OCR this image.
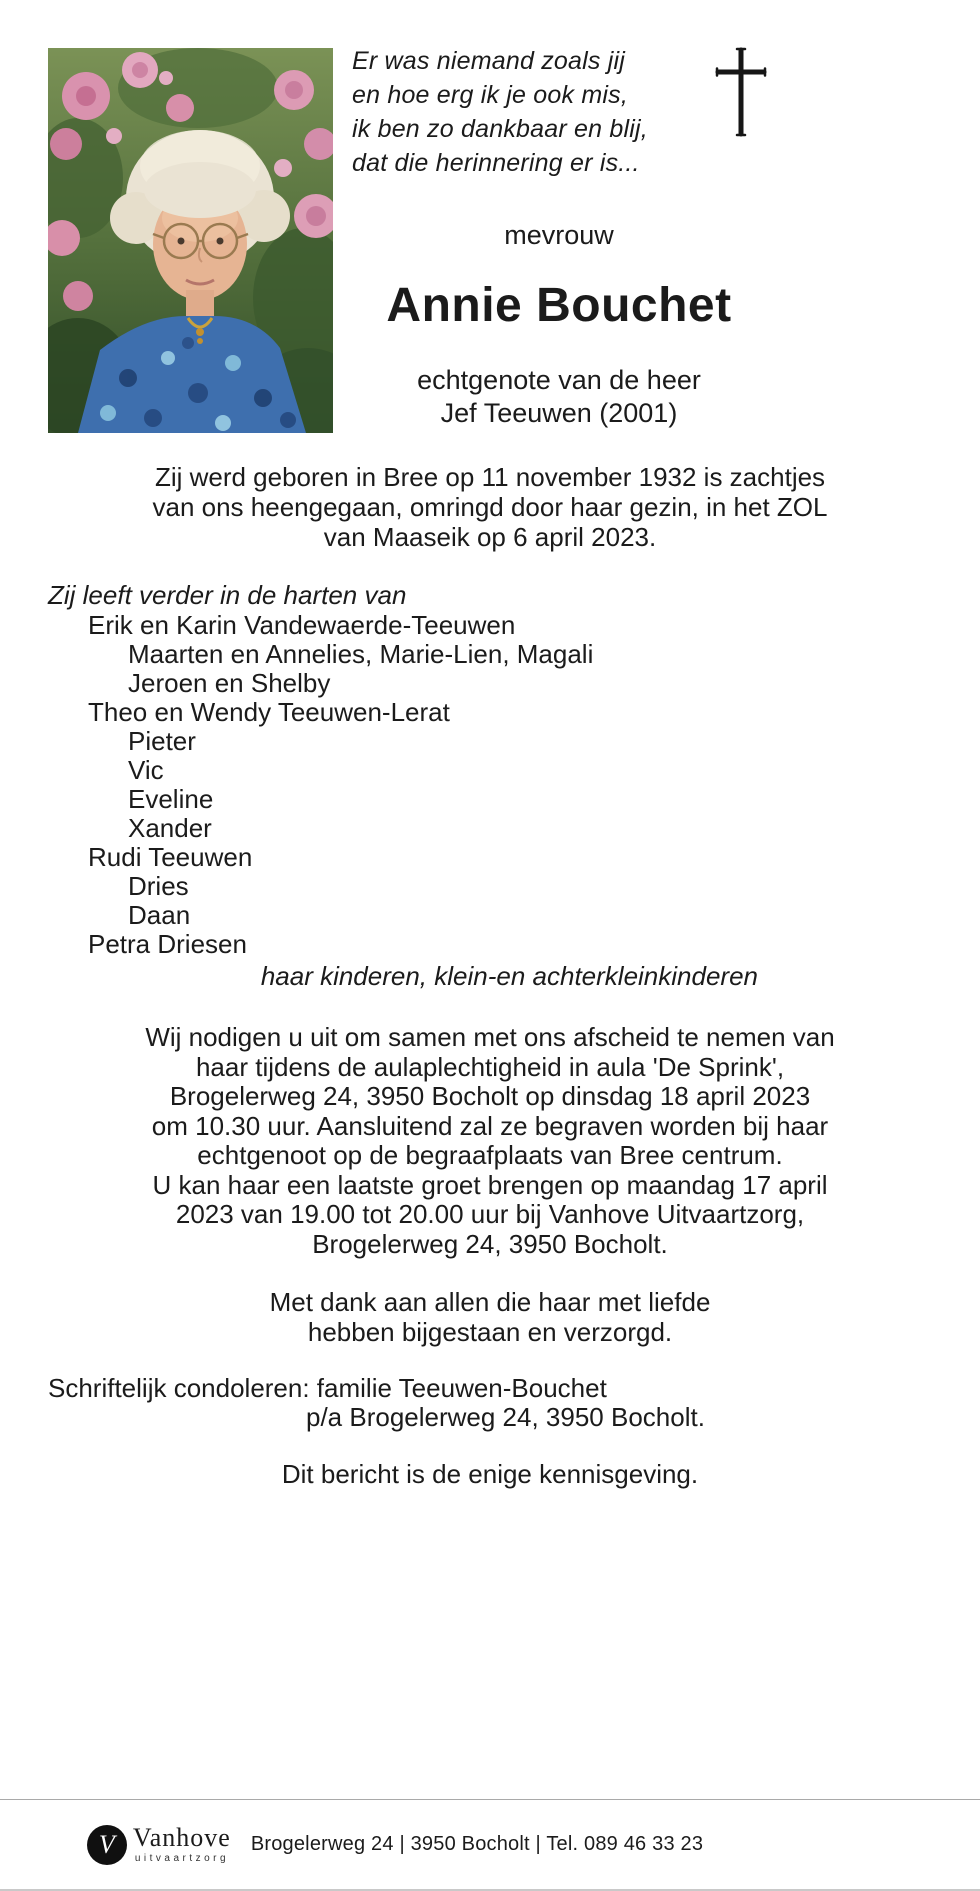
Er was niemand zoals jij
en hoe erg ik je ook mis,
ik ben zo dankbaar en blij,
dat die herinnering er is...
mevrouw
Annie Bouchet
echtgenote van de heer
Jef Teeuwen (2001)
Zij werd geboren in Bree op 11 november 1932 is zachtjes
van ons heengegaan, omringd door haar gezin, in het ZOL
van Maaseik op 6 april 2023.
Zij leeft verder in de harten van
Erik en Karin Vandewaerde-Teeuwen
Maarten en Annelies, Marie-Lien, Magali
Jeroen en Shelby
Theo en Wendy Teeuwen-Lerat
Pieter
Vic
Eveline
Xander
Rudi Teeuwen
Dries
Daan
Petra Driesen
haar kinderen, klein-en achterkleinkinderen
Wij nodigen u uit om samen met ons afscheid te nemen van
haar tijdens de aulaplechtigheid in aula 'De Sprink',
Brogelerweg 24, 3950 Bocholt op dinsdag 18 april 2023
om 10.30 uur. Aansluitend zal ze begraven worden bij haar
echtgenoot op de begraafplaats van Bree centrum.
U kan haar een laatste groet brengen op maandag 17 april
2023 van 19.00 tot 20.00 uur bij Vanhove Uitvaartzorg,
Brogelerweg 24, 3950 Bocholt.
Met dank aan allen die haar met liefde
hebben bijgestaan en verzorgd.
Schriftelijk condoleren: familie Teeuwen-Bouchet
p/a Brogelerweg 24, 3950 Bocholt.
Dit bericht is de enige kennisgeving.
V Vanhove
uitvaartzorg
Brogelerweg 24 | 3950 Bocholt | Tel. 089 46 33 23
